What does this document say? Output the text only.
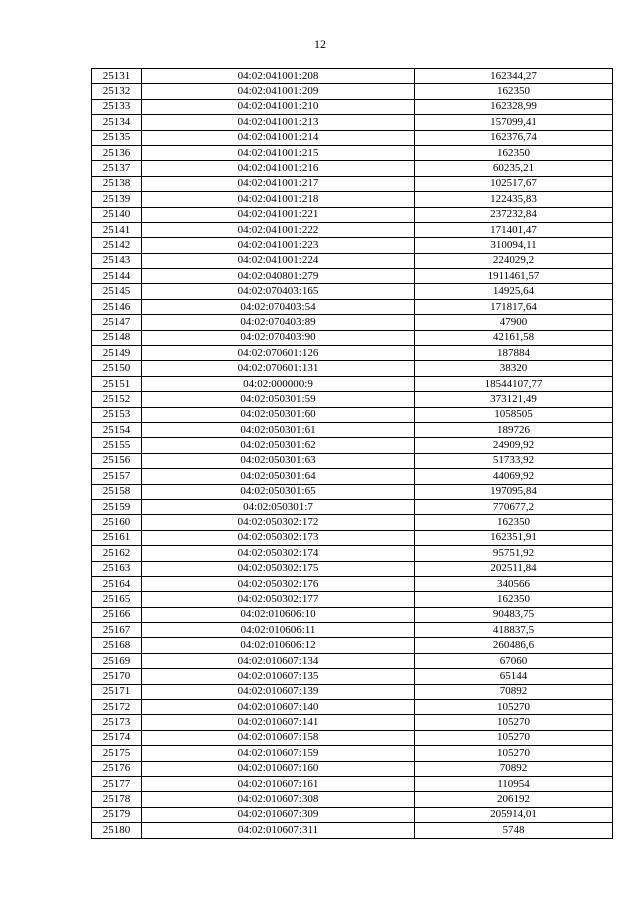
12
25131	04:02:041001:208	162344,27
25132	04:02:041001:209	162350
25133	04:02:041001:210	162328,99
25134	04:02:041001:213	157099,41
25135	04:02:041001:214	162376,74
25136	04:02:041001:215	162350
25137	04:02:041001:216	60235,21
25138	04:02:041001:217	102517,67
25139	04:02:041001:218	122435,83
25140	04:02:041001:221	237232,84
25141	04:02:041001:222	171401,47
25142	04:02:041001:223	310094,11
25143	04:02:041001:224	224029,2
25144	04:02:040801:279	1911461,57
25145	04:02:070403:165	14925,64
25146	04:02:070403:54	171817,64
25147	04:02:070403:89	47900
25148	04:02:070403:90	42161,58
25149	04:02:070601:126	187884
25150	04:02:070601:131	38320
25151	04:02:000000:9	18544107,77
25152	04:02:050301:59	373121,49
25153	04:02:050301:60	1058505
25154	04:02:050301:61	189726
25155	04:02:050301:62	24909,92
25156	04:02:050301:63	51733,92
25157	04:02:050301:64	44069,92
25158	04:02:050301:65	197095,84
25159	04:02:050301:7	770677,2
25160	04:02:050302:172	162350
25161	04:02:050302:173	162351,91
25162	04:02:050302:174	95751,92
25163	04:02:050302:175	202511,84
25164	04:02:050302:176	340566
25165	04:02:050302:177	162350
25166	04:02:010606:10	90483,75
25167	04:02:010606:11	418837,5
25168	04:02:010606:12	260486,6
25169	04:02:010607:134	67060
25170	04:02:010607:135	65144
25171	04:02:010607:139	70892
25172	04:02:010607:140	105270
25173	04:02:010607:141	105270
25174	04:02:010607:158	105270
25175	04:02:010607:159	105270
25176	04:02:010607:160	70892
25177	04:02:010607:161	110954
25178	04:02:010607:308	206192
25179	04:02:010607:309	205914,01
25180	04:02:010607:311	5748
